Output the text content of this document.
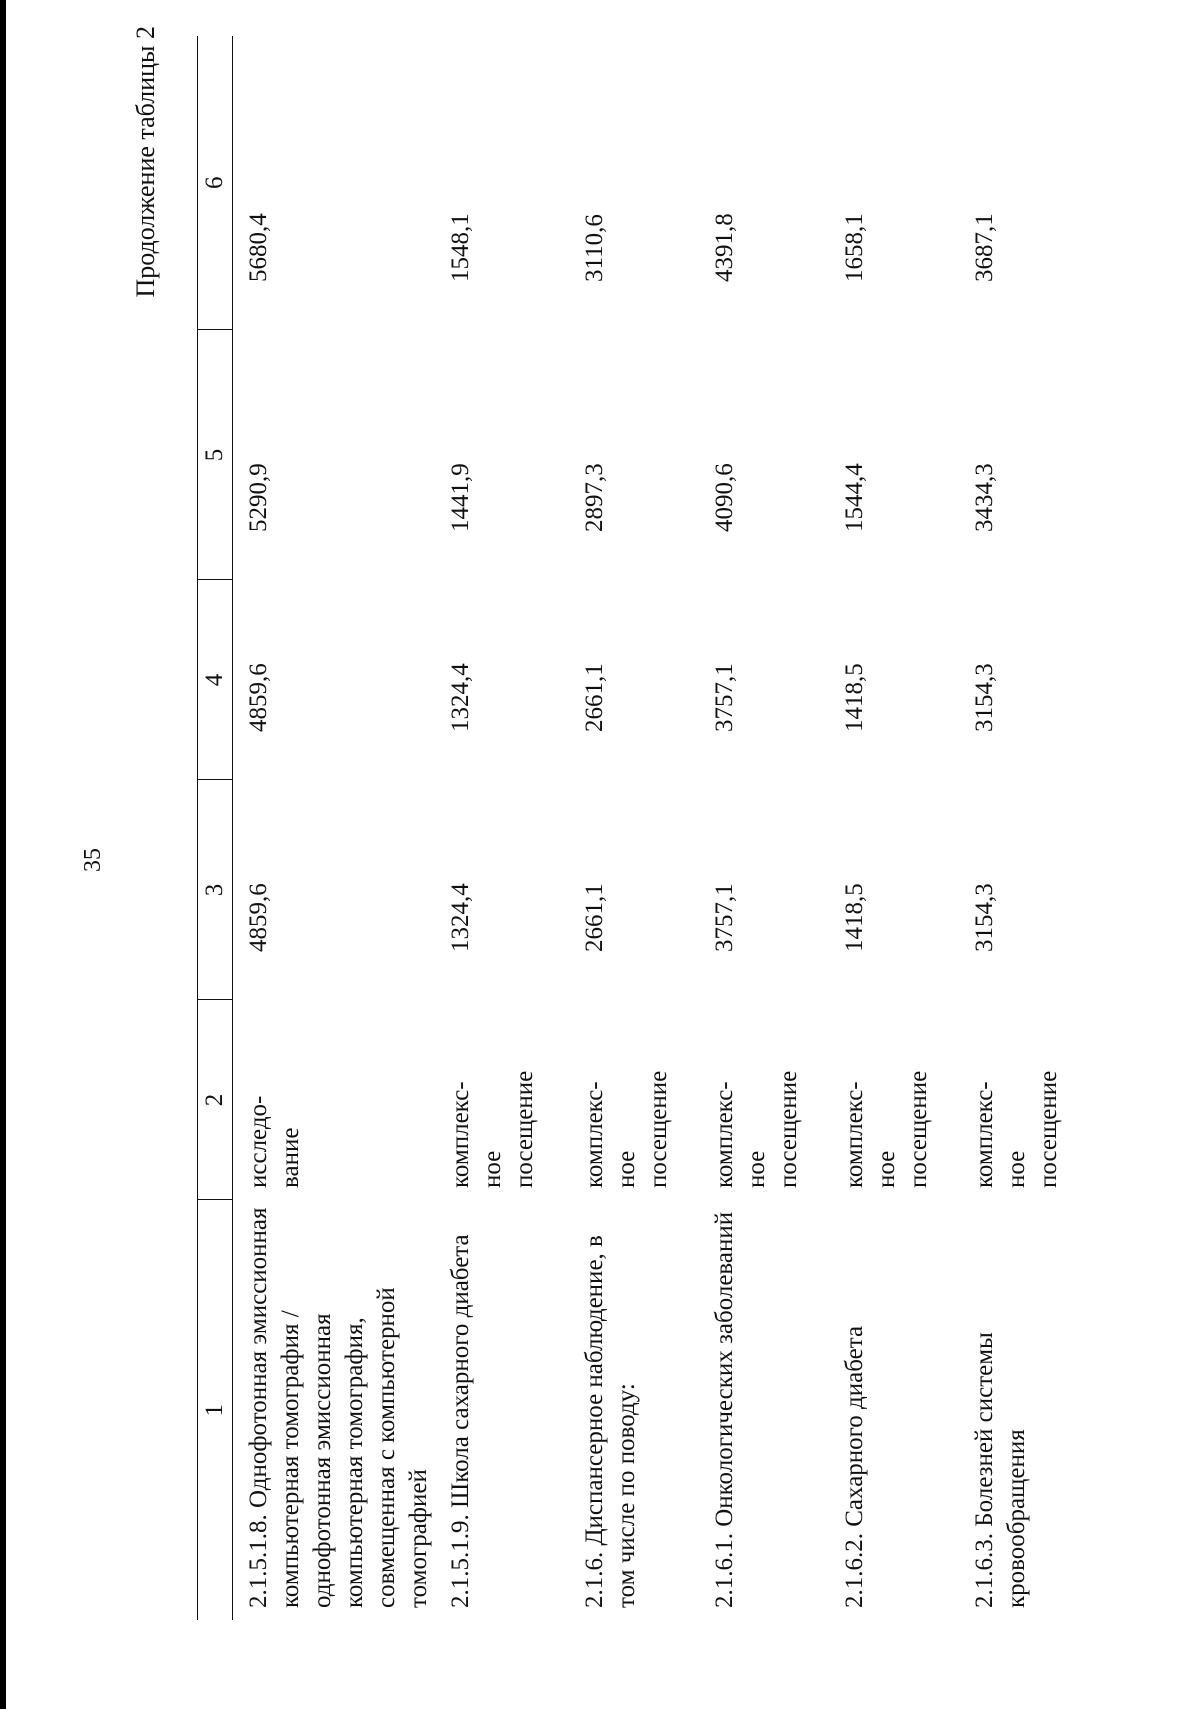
35
Продолжение таблицы 2
1	2	3	4	5	6
2.1.5.1.8. Однофотонная эмиссионная компьютерная томография / однофотонная эмиссионная компьютерная томография, совмещенная с компьютерной томографией	исследо- вание	4859,6	4859,6	5290,9	5680,4
2.1.5.1.9. Школа сахарного диабета	комплекс- ное посещение	1324,4	1324,4	1441,9	1548,1
2.1.6. Диспансерное наблюдение, в том числе по поводу:	комплекс- ное посещение	2661,1	2661,1	2897,3	3110,6
2.1.6.1. Онкологических заболеваний	комплекс- ное посещение	3757,1	3757,1	4090,6	4391,8
2.1.6.2. Сахарного диабета	комплекс- ное посещение	1418,5	1418,5	1544,4	1658,1
2.1.6.3. Болезней системы кровообращения	комплекс- ное посещение	3154,3	3154,3	3434,3	3687,1
